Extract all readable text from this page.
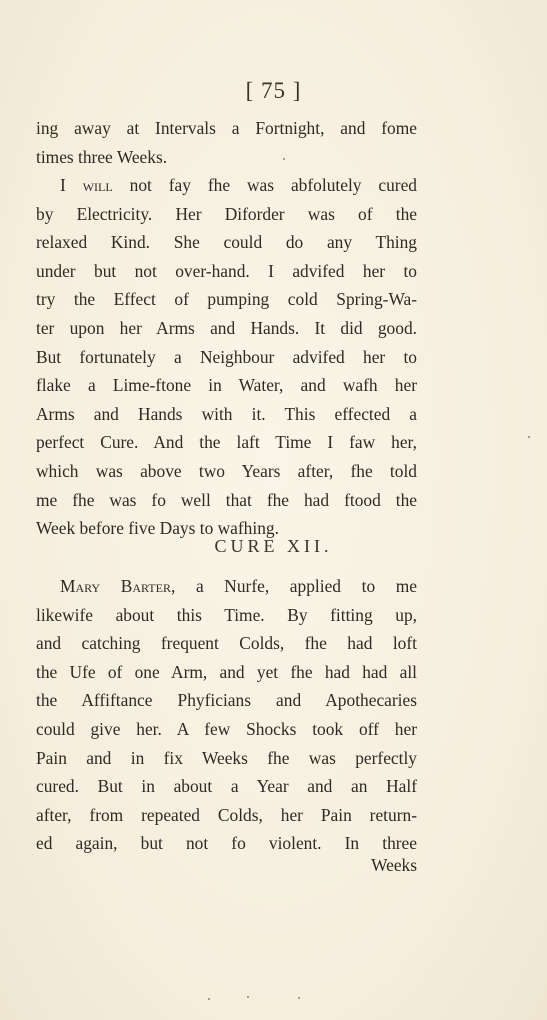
[ 75 ]
ing away at Intervals a Fortnight, and fome
times three Weeks.
I will not fay fhe was abfolutely cured
by Electricity. Her Diforder was of the
relaxed Kind. She could do any Thing
under but not over-hand. I advifed her to
try the Effect of pumping cold Spring-Wa-
ter upon her Arms and Hands. It did good.
But fortunately a Neighbour advifed her to
flake a Lime-ftone in Water, and wafh her
Arms and Hands with it. This effected a
perfect Cure. And the laft Time I faw her,
which was above two Years after, fhe told
me fhe was fo well that fhe had ftood the
Week before five Days to wafhing.
CURE XII.
Mary Barter, a Nurfe, applied to me
likewife about this Time. By fitting up,
and catching frequent Colds, fhe had loft
the Ufe of one Arm, and yet fhe had had all
the Affiftance Phyficians and Apothecaries
could give her. A few Shocks took off her
Pain and in fix Weeks fhe was perfectly
cured. But in about a Year and an Half
after, from repeated Colds, her Pain return-
ed again, but not fo violent. In three
Weeks
